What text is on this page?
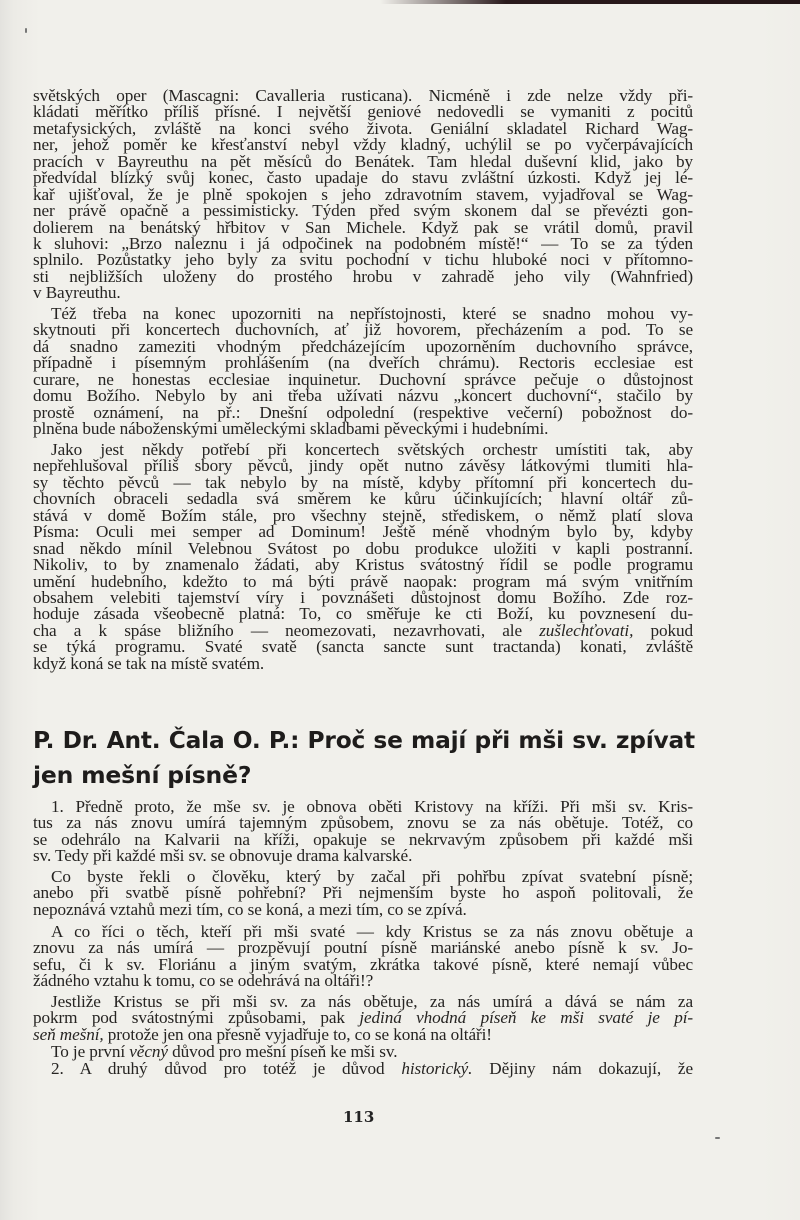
světských oper (Mascagni: Cavalleria rusticana). Nicméně i zde nelze vždy při-
kládati měřítko příliš přísné. I největší geniové nedovedli se vymaniti z pocitů
metafysických, zvláště na konci svého života. Geniální skladatel Richard Wag-
ner, jehož poměr ke křesťanství nebyl vždy kladný, uchýlil se po vyčerpávajících
pracích v Bayreuthu na pět měsíců do Benátek. Tam hledal duševní klid, jako by
předvídal blízký svůj konec, často upadaje do stavu zvláštní úzkosti. Když jej lé-
kař ujišťoval, že je plně spokojen s jeho zdravotním stavem, vyjadřoval se Wag-
ner právě opačně a pessimisticky. Týden před svým skonem dal se převézti gon-
dolierem na benátský hřbitov v San Michele. Když pak se vrátil domů, pravil
k sluhovi: „Brzo naleznu i já odpočinek na podobném místě!“ — To se za týden
splnilo. Pozůstatky jeho byly za svitu pochodní v tichu hluboké noci v přítomno-
sti nejbližších uloženy do prostého hrobu v zahradě jeho vily (Wahnfried)
v Bayreuthu.
Též třeba na konec upozorniti na nepřístojnosti, které se snadno mohou vy-
skytnouti při koncertech duchovních, ať již hovorem, přecházením a pod. To se
dá snadno zameziti vhodným předcházejícím upozorněním duchovního správce,
případně i písemným prohlášením (na dveřích chrámu). Rectoris ecclesiae est
curare, ne honestas ecclesiae inquinetur. Duchovní správce pečuje o důstojnost
domu Božího. Nebylo by ani třeba užívati názvu „koncert duchovní“, stačilo by
prostě oznámení, na př.: Dnešní odpolední (respektive večerní) pobožnost do-
plněna bude náboženskými uměleckými skladbami pěveckými i hudebními.
Jako jest někdy potřebí při koncertech světských orchestr umístiti tak, aby
nepřehlušoval příliš sbory pěvců, jindy opět nutno závěsy látkovými tlumiti hla-
sy těchto pěvců — tak nebylo by na místě, kdyby přítomní při koncertech du-
chovních obraceli sedadla svá směrem ke kůru účinkujících; hlavní oltář zů-
stává v domě Božím stále, pro všechny stejně, střediskem, o němž platí slova
Písma: Oculi mei semper ad Dominum! Ještě méně vhodným bylo by, kdyby
snad někdo mínil Velebnou Svátost po dobu produkce uložiti v kapli postranní.
Nikoliv, to by znamenalo žádati, aby Kristus svátostný řídil se podle programu
umění hudebního, kdežto to má býti právě naopak: program má svým vnitřním
obsahem velebiti tajemství víry i povznášeti důstojnost domu Božího. Zde roz-
hoduje zásada všeobecně platná: To, co směřuje ke cti Boží, ku povznesení du-
cha a k spáse bližního — neomezovati, nezavrhovati, ale zušlechťovati, pokud
se týká programu. Svaté svatě (sancta sancte sunt tractanda) konati, zvláště
když koná se tak na místě svatém.
P. Dr. Ant. Čala O. P.: Proč se mají při mši sv. zpívat
jen mešní písně?
1. Předně proto, že mše sv. je obnova oběti Kristovy na kříži. Při mši sv. Kris-
tus za nás znovu umírá tajemným způsobem, znovu se za nás obětuje. Totéž, co
se odehrálo na Kalvarii na kříži, opakuje se nekrvavým způsobem při každé mši
sv. Tedy při každé mši sv. se obnovuje drama kalvarské.
Co byste řekli o člověku, který by začal při pohřbu zpívat svatební písně;
anebo při svatbě písně pohřební? Při nejmenším byste ho aspoň politovali, že
nepoznává vztahů mezi tím, co se koná, a mezi tím, co se zpívá.
A co říci o těch, kteří při mši svaté — kdy Kristus se za nás znovu obětuje a
znovu za nás umírá — prozpěvují poutní písně mariánské anebo písně k sv. Jo-
sefu, či k sv. Floriánu a jiným svatým, zkrátka takové písně, které nemají vůbec
žádného vztahu k tomu, co se odehrává na oltáři!?
Jestliže Kristus se při mši sv. za nás obětuje, za nás umírá a dává se nám za
pokrm pod svátostnými způsobami, pak jediná vhodná píseň ke mši svaté je pí-
seň mešní, protože jen ona přesně vyjadřuje to, co se koná na oltáři!
To je první věcný důvod pro mešní píseň ke mši sv.
2. A druhý důvod pro totéž je důvod historický. Dějiny nám dokazují, že
113
